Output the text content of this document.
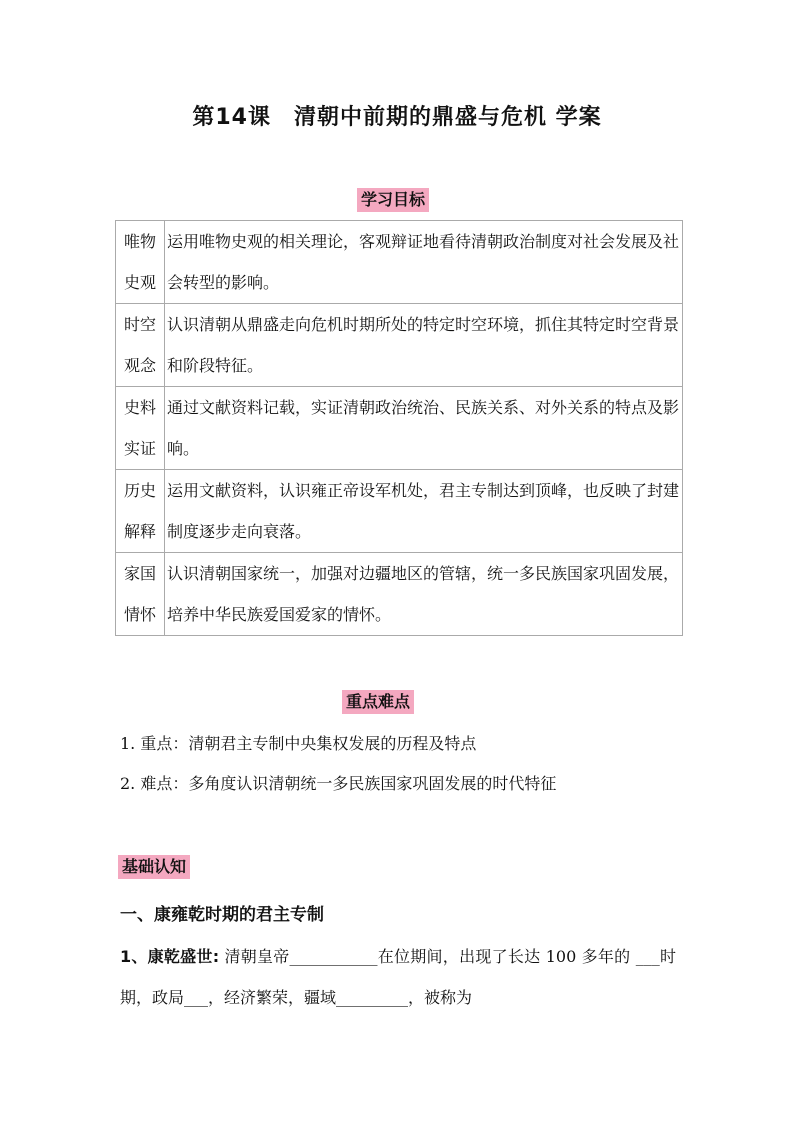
第14课　清朝中前期的鼎盛与危机 学案
学习目标
唯物史观	运用唯物史观的相关理论，客观辩证地看待清朝政治制度对社会发展及社会转型的影响。
时空观念	认识清朝从鼎盛走向危机时期所处的特定时空环境，抓住其特定时空背景和阶段特征。
史料实证	通过文献资料记载，实证清朝政治统治、民族关系、对外关系的特点及影响。
历史解释	运用文献资料，认识雍正帝设军机处，君主专制达到顶峰，也反映了封建制度逐步走向衰落。
家国情怀	认识清朝国家统一，加强对边疆地区的管辖，统一多民族国家巩固发展，培养中华民族爱国爱家的情怀。
重点难点
1. 重点：清朝君主专制中央集权发展的历程及特点
2. 难点：多角度认识清朝统一多民族国家巩固发展的时代特征
基础认知
一、康雍乾时期的君主专制
1、康乾盛世: 清朝皇帝___________在位期间，出现了长达 100 多年的 ___时期，政局___，经济繁荣，疆域_________，被称为
